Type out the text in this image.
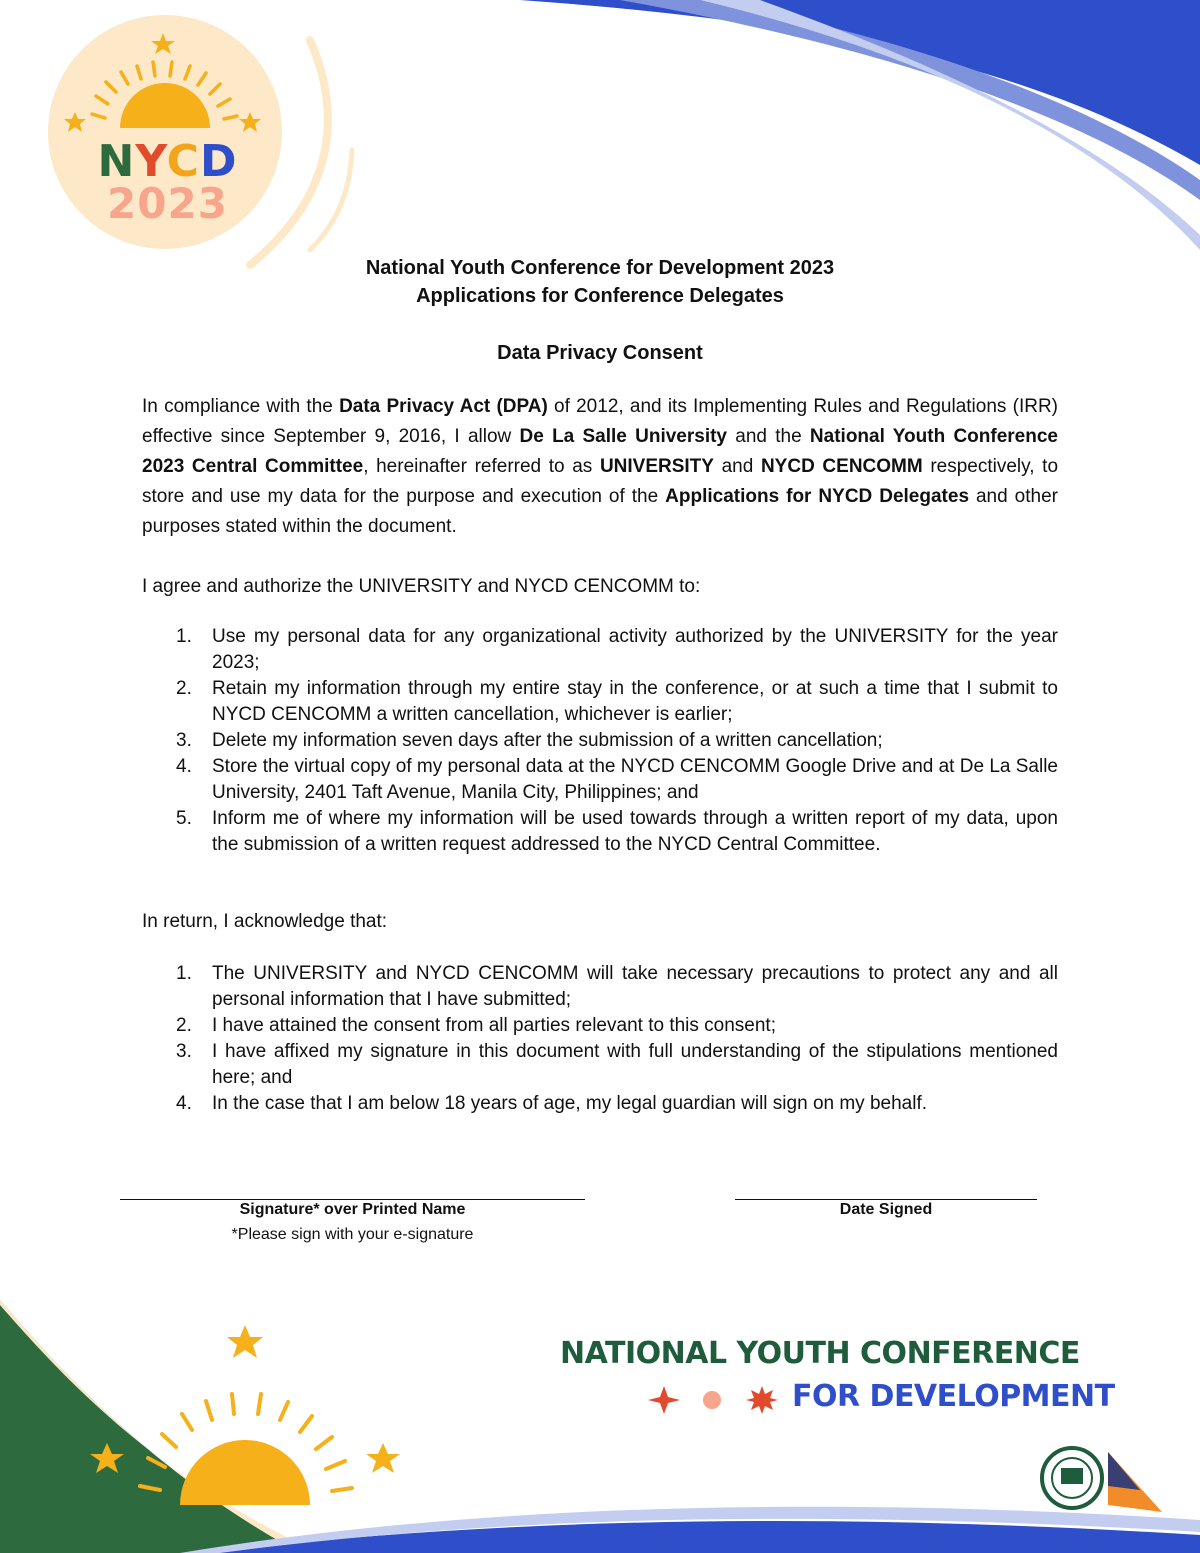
NYCD
2023
National Youth Conference for Development 2023
Applications for Conference Delegates
Data Privacy Consent
In compliance with the Data Privacy Act (DPA) of 2012, and its Implementing Rules and Regulations (IRR) effective since September 9, 2016, I allow De La Salle University and the National Youth Conference 2023 Central Committee, hereinafter referred to as UNIVERSITY and NYCD CENCOMM respectively, to store and use my data for the purpose and execution of the Applications for NYCD Delegates and other purposes stated within the document.
I agree and authorize the UNIVERSITY and NYCD CENCOMM to:
1. Use my personal data for any organizational activity authorized by the UNIVERSITY for the year 2023;
2. Retain my information through my entire stay in the conference, or at such a time that I submit to NYCD CENCOMM a written cancellation, whichever is earlier;
3. Delete my information seven days after the submission of a written cancellation;
4. Store the virtual copy of my personal data at the NYCD CENCOMM Google Drive and at De La Salle University, 2401 Taft Avenue, Manila City, Philippines; and
5. Inform me of where my information will be used towards through a written report of my data, upon the submission of a written request addressed to the NYCD Central Committee.
In return, I acknowledge that:
1. The UNIVERSITY and NYCD CENCOMM will take necessary precautions to protect any and all personal information that I have submitted;
2. I have attained the consent from all parties relevant to this consent;
3. I have affixed my signature in this document with full understanding of the stipulations mentioned here; and
4. In the case that I am below 18 years of age, my legal guardian will sign on my behalf.
Signature* over Printed Name
*Please sign with your e-signature
Date Signed
NATIONAL YOUTH CONFERENCE
FOR DEVELOPMENT
